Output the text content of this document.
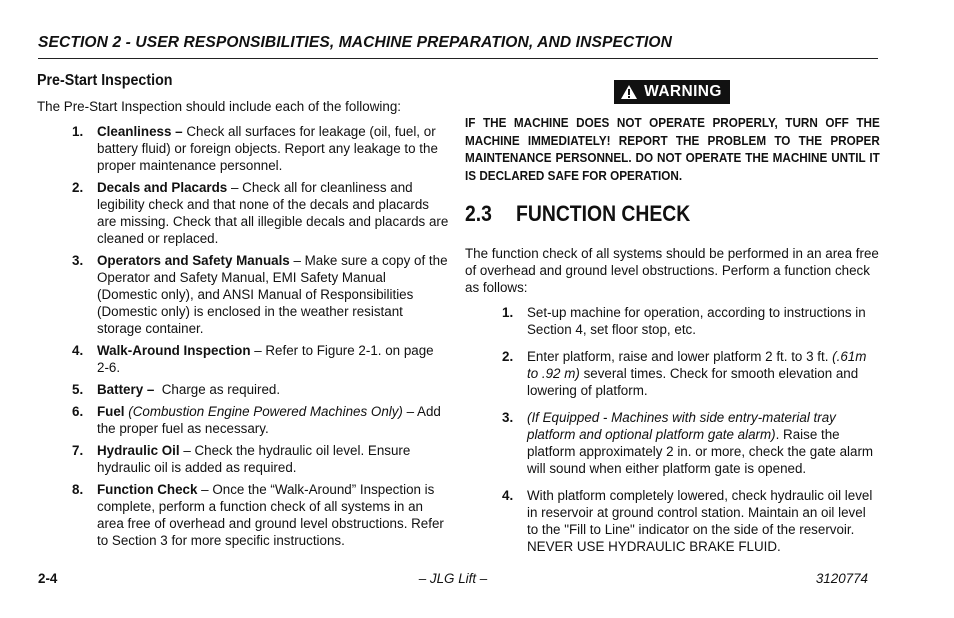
SECTION 2 - USER RESPONSIBILITIES, MACHINE PREPARATION, AND INSPECTION
Pre-Start Inspection

The Pre-Start Inspection should include each of the following:

1. Cleanliness – Check all surfaces for leakage (oil, fuel, or battery fluid) or foreign objects. Report any leakage to the proper maintenance personnel.
2. Decals and Placards – Check all for cleanliness and legibility check and that none of the decals and placards are missing. Check that all illegible decals and placards are cleaned or replaced.
3. Operators and Safety Manuals – Make sure a copy of the Operator and Safety Manual, EMI Safety Manual (Domestic only), and ANSI Manual of Responsibilities (Domestic only) is enclosed in the weather resistant storage container.
4. Walk-Around Inspection – Refer to Figure 2-1. on page 2-6.
5. Battery –  Charge as required.
6. Fuel (Combustion Engine Powered Machines Only) – Add the proper fuel as necessary.
7. Hydraulic Oil – Check the hydraulic oil level. Ensure hydraulic oil is added as required.
8. Function Check – Once the “Walk-Around” Inspection is complete, perform a function check of all systems in an area free of overhead and ground level obstructions. Refer to Section 3 for more specific instructions.
WARNING

IF THE MACHINE DOES NOT OPERATE PROPERLY, TURN OFF THE MACHINE IMMEDIATELY! REPORT THE PROBLEM TO THE PROPER MAINTENANCE PERSONNEL. DO NOT OPERATE THE MACHINE UNTIL IT IS DECLARED SAFE FOR OPERATION.

2.3	FUNCTION CHECK

The function check of all systems should be performed in an area free of overhead and ground level obstructions. Perform a function check as follows:

1. Set-up machine for operation, according to instructions in Section 4, set floor stop, etc.
2. Enter platform, raise and lower platform 2 ft. to 3 ft. (.61m to .92 m) several times. Check for smooth elevation and lowering of platform.
3. (If Equipped - Machines with side entry-material tray platform and optional platform gate alarm). Raise the platform approximately 2 in. or more, check the gate alarm will sound when either platform gate is opened.
4. With platform completely lowered, check hydraulic oil level in reservoir at ground control station. Maintain an oil level to the "Fill to Line" indicator on the side of the reservoir. NEVER USE HYDRAULIC BRAKE FLUID.
2-4	– JLG Lift –	3120774
